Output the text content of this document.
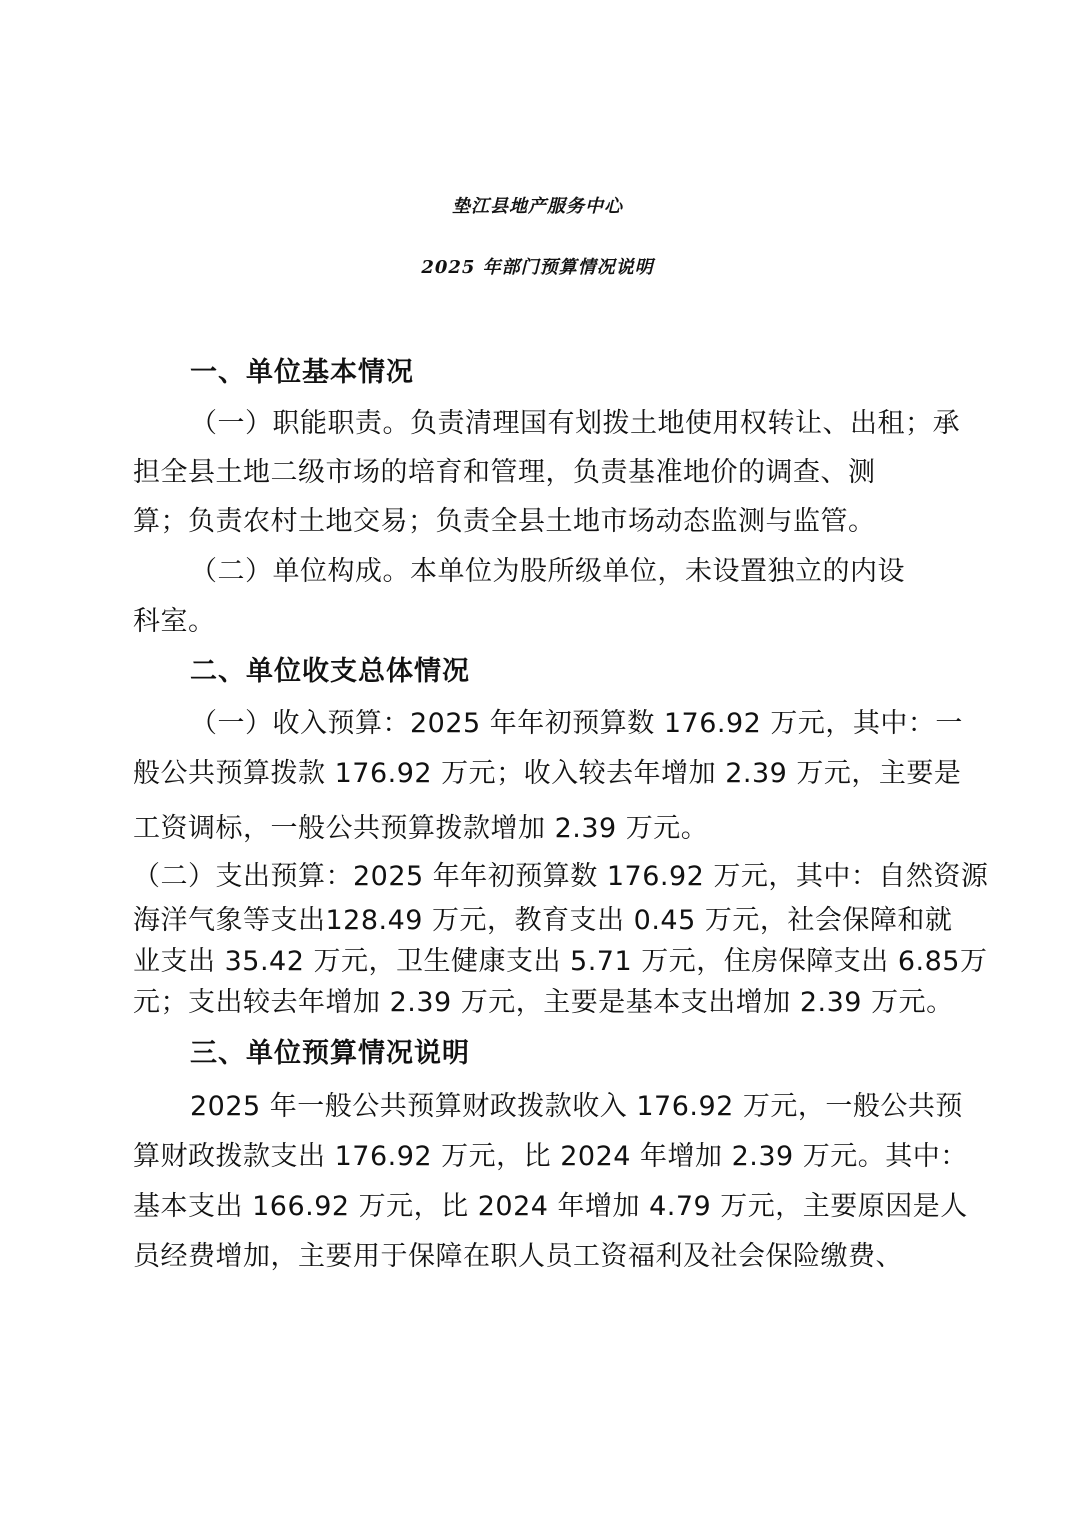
垫江县地产服务中心
2025 年部门预算情况说明
一、单位基本情况
（一）职能职责。负责清理国有划拨土地使用权转让、出租； 承
担全县土地二级市场的培育和管理，负责基准地价的调查、测
算；负责农村土地交易；负责全县土地市场动态监测与监管。
（二）单位构成。本单位为股所级单位，未设置独立的内设
科室。
二、单位收支总体情况
（一）收入预算：2025 年年初预算数 176.92 万元，其中：一
般公共预算拨款 176.92 万元；收入较去年增加 2.39 万元，主要是
工资调标，一般公共预算拨款增加 2.39 万元。
（二）支出预算：2025 年年初预算数 176.92 万元，其中：自然资源
海洋气象等支出128.49 万元，教育支出 0.45 万元，社会保障和就
业支出 35.42 万元，卫生健康支出 5.71 万元，住房保障支出 6.85万
元；支出较去年增加 2.39 万元，主要是基本支出增加 2.39 万元。
三、单位预算情况说明
2025 年一般公共预算财政拨款收入 176.92 万元，一般公共预
算财政拨款支出 176.92 万元，比 2024 年增加 2.39 万元。其中：
基本支出 166.92 万元，比 2024 年增加 4.79 万元，主要原因是人
员经费增加，主要用于保障在职人员工资福利及社会保险缴费、
